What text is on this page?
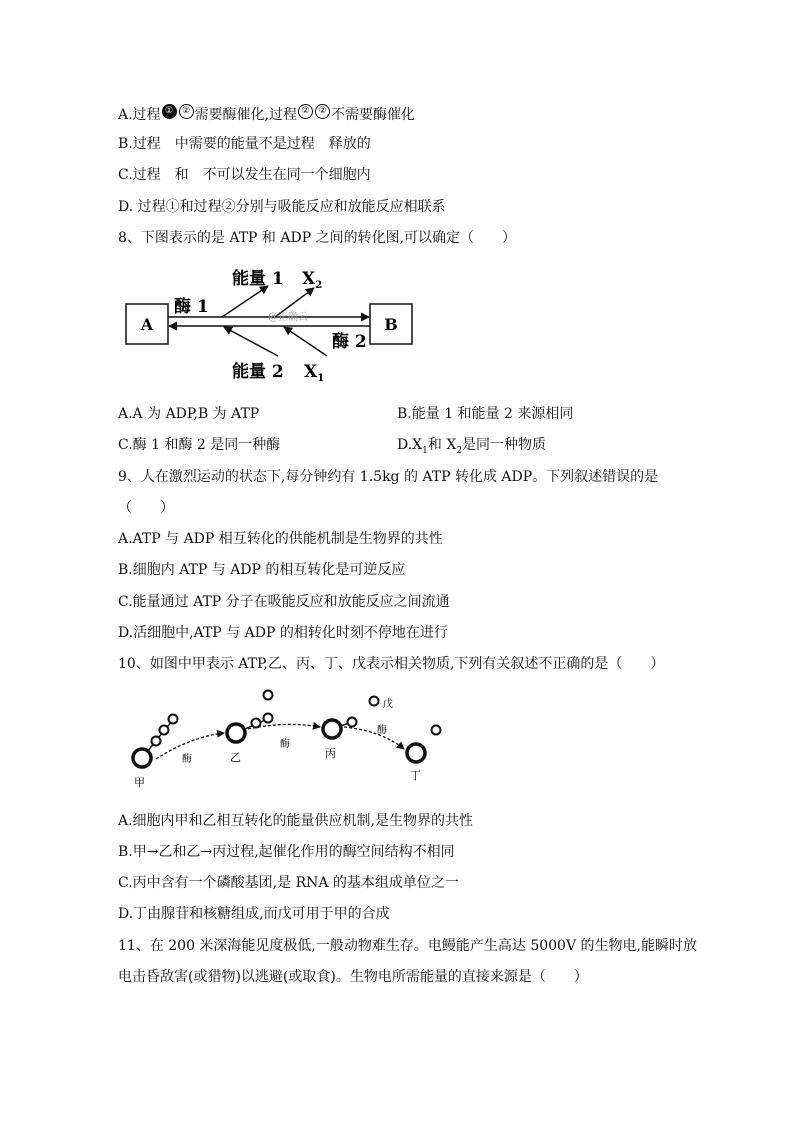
A.过程 ① ② 需要酶催化,过程 ② ② 不需要酶催化
B.过程　中需要的能量不是过程　释放的
C.过程　和　不可以发生在同一个细胞内
D. 过程①和过程②分别与吸能反应和放能反应相联系
8、下图表示的是 ATP 和 ADP 之间的转化图,可以确定（　　）
A	B
能量 1 $X_2$
酶 1
酶 2
@正确云
能量 2 $X_1$
A.A 为 ADP,B 为 ATP	B.能量 1 和能量 2 来源相同
C.酶 1 和酶 2 是同一种酶	$D.X_1$和 $X_2$是同一种物质
9、人在激烈运动的状态下,每分钟约有 1.5kg 的 ATP 转化成 ADP。下列叙述错误的是
（　　）
A.ATP 与 ADP 相互转化的供能机制是生物界的共性
B.细胞内 ATP 与 ADP 的相互转化是可逆反应
C.能量通过 ATP 分子在吸能反应和放能反应之间流通
D.活细胞中,ATP 与 ADP 的相转化时刻不停地在进行
10、如图中甲表示 ATP,乙、丙、丁、戊表示相关物质,下列有关叙述不正确的是（　　）
甲
酶	乙
酶
丙
戊
酶
丁
A.细胞内甲和乙相互转化的能量供应机制,是生物界的共性
B.甲→乙和乙→丙过程,起催化作用的酶空间结构不相同
C.丙中含有一个磷酸基团,是 RNA 的基本组成单位之一
D.丁由腺苷和核糖组成,而戊可用于甲的合成
11、在 200 米深海能见度极低,一般动物难生存。电鳗能产生高达 5000V 的生物电,能瞬时放
电击昏敌害(或猎物)以逃避(或取食)。生物电所需能量的直接来源是（　　）
